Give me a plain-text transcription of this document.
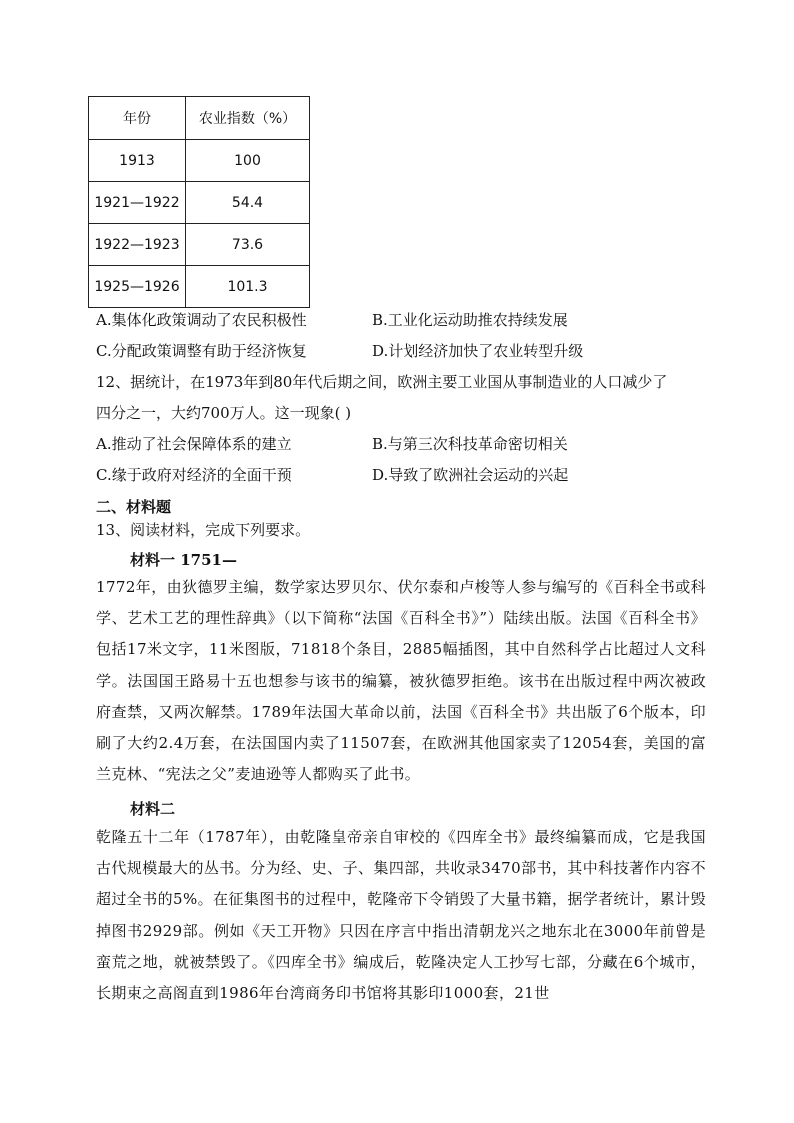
年份	农业指数（%）
1913	100
1921—1922	54.4
1922—1923	73.6
1925—1926	101.3
A.集体化政策调动了农民积极性	B.工业化运动助推农持续发展
C.分配政策调整有助于经济恢复	D.计划经济加快了农业转型升级
12、据统计，在1973年到80年代后期之间，欧洲主要工业国从事制造业的人口减少了
四分之一，大约700万人。这一现象( )
A.推动了社会保障体系的建立	B.与第三次科技革命密切相关
C.缘于政府对经济的全面干预	D.导致了欧洲社会运动的兴起
二、材料题
13、阅读材料，完成下列要求。
材料一 1751—
1772年，由狄德罗主编，数学家达罗贝尔、伏尔泰和卢梭等人参与编写的《百科全书或科学、艺术工艺的理性辞典》（以下简称“法国《百科全书》”）陆续出版。法国《百科全书》包括17米文字，11米图版，71818个条目，2885幅插图，其中自然科学占比超过人文科学。法国国王路易十五也想参与该书的编纂，被狄德罗拒绝。该书在出版过程中两次被政府查禁，又两次解禁。1789年法国大革命以前，法国《百科全书》共出版了6个版本，印刷了大约2.4万套，在法国国内卖了11507套，在欧洲其他国家卖了12054套，美国的富兰克林、“宪法之父”麦迪逊等人都购买了此书。
材料二
乾隆五十二年（1787年），由乾隆皇帝亲自审校的《四库全书》最终编纂而成，它是我国古代规模最大的丛书。分为经、史、子、集四部，共收录3470部书，其中科技著作内容不超过全书的5%。在征集图书的过程中，乾隆帝下令销毁了大量书籍，据学者统计，累计毁掉图书2929部。例如《天工开物》只因在序言中指出清朝龙兴之地东北在3000年前曾是蛮荒之地，就被禁毁了。《四库全书》编成后，乾隆决定人工抄写七部，分藏在6个城市，长期束之高阁直到1986年台湾商务印书馆将其影印1000套，21世
